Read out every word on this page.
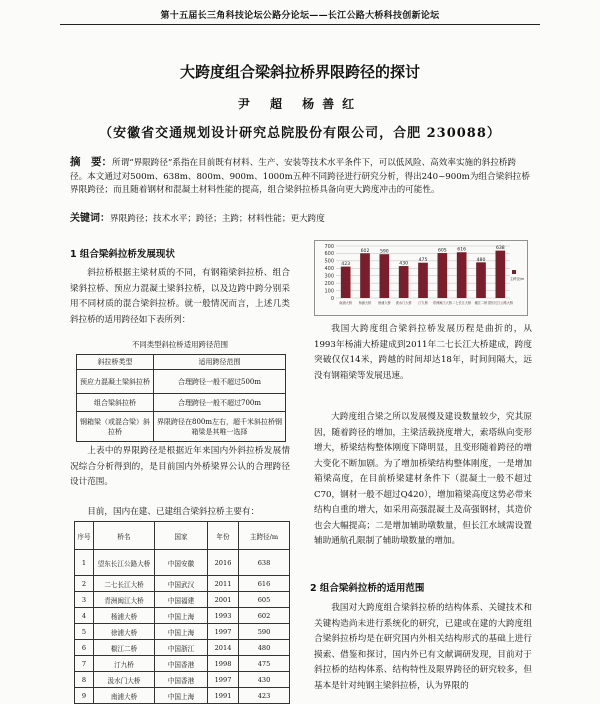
第十五届长三角科技论坛公路分论坛——长江公路大桥科技创新论坛
大跨度组合梁斜拉桥界限跨径的探讨
尹 超 杨善红
（安徽省交通规划设计研究总院股份有限公司，合肥 230088）
摘　要：所谓“界限跨径”系指在目前既有材料、生产、安装等技术水平条件下，可以低风险、高效率实施的斜拉桥跨径。本文通过对500m、638m、800m、900m、1000m五种不同跨径进行研究分析，得出240~900m为组合梁斜拉桥界限跨径；而且随着钢材和混凝土材料性能的提高，组合梁斜拉桥具备向更大跨度冲击的可能性。
关键词：界限跨径；技术水平；跨径；主跨；材料性能；更大跨度
1 组合梁斜拉桥发展现状

斜拉桥根据主梁材质的不同，有钢箱梁斜拉桥、组合梁斜拉桥、预应力混凝土梁斜拉桥，以及边跨中跨分别采用不同材质的混合梁斜拉桥。就一般情况而言，上述几类斜拉桥的适用跨径如下表所列：

不同类型斜拉桥适用跨径范围
斜拉桥类型	适用跨径范围
预应力混凝土梁斜拉桥	合理跨径一般不超过500m
组合梁斜拉桥	合理跨径一般不超过700m
钢箱梁（或混合梁）斜拉桥	界限跨径在800m左右，超千米斜拉桥钢箱梁是其唯一选择

上表中的界限跨径是根据近年来国内外斜拉桥发展情况综合分析得到的，是目前国内外桥梁界公认的合理跨径设计范围。

目前，国内在建、已建组合梁斜拉桥主要有：

序号	桥名	国家	年份	主跨径/m
1	望东长江公路大桥	中国安徽	2016	638
2	二七长江大桥	中国武汉	2011	616
3	青洲闽江大桥	中国福建	2001	605
4	杨浦大桥	中国上海	1993	602
5	徐浦大桥	中国上海	1997	590
6	椒江二桥	中国浙江	2014	480
7	汀九桥	中国香港	1998	475
8	汲水门大桥	中国香港	1997	430
9	南浦大桥	中国上海	1991	423
700
600
500
400
300
200
100
0
423
南浦大桥
602
杨浦大桥
590
徐浦大桥
430
汲水门大桥
475
汀九桥
605
青洲闽江大桥
616
二七长江大桥
480
椒江二桥
638
望东长江公路大桥
主跨径/m

我国大跨度组合梁斜拉桥发展历程是曲折的，从1993年杨浦大桥建成到2011年二七长江大桥建成，跨度突破仅仅14米，跨越的时间却达18年，时间间隔大，远没有钢箱梁等发展迅速。

大跨度组合梁之所以发展慢及建设数量较少，究其原因，随着跨径的增加，主梁活载挠度增大，索塔纵向变形增大，桥梁结构整体刚度下降明显，且变形随着跨径的增大变化不断加剧。为了增加桥梁结构整体刚度，一是增加箱梁高度，在目前桥梁建材条件下（混凝土一般不超过C70，钢材一般不超过Q420），增加箱梁高度这势必带来结构自重的增大，如采用高强混凝土及高强钢材，其造价也会大幅提高；二是增加辅助墩数量，但长江水域需设置辅助通航孔限制了辅助墩数量的增加。

2 组合梁斜拉桥的适用范围

我国对大跨度组合梁斜拉桥的结构体系、关键技术和关键构造尚未进行系统化的研究，已建或在建的大跨度组合梁斜拉桥均是在研究国内外相关结构形式的基础上进行摸索、借鉴和探讨，国内外已有文献调研发现，目前对于斜拉桥的结构体系、结构特性及限界跨径的研究较多，但基本是针对纯钢主梁斜拉桥，认为界限的
